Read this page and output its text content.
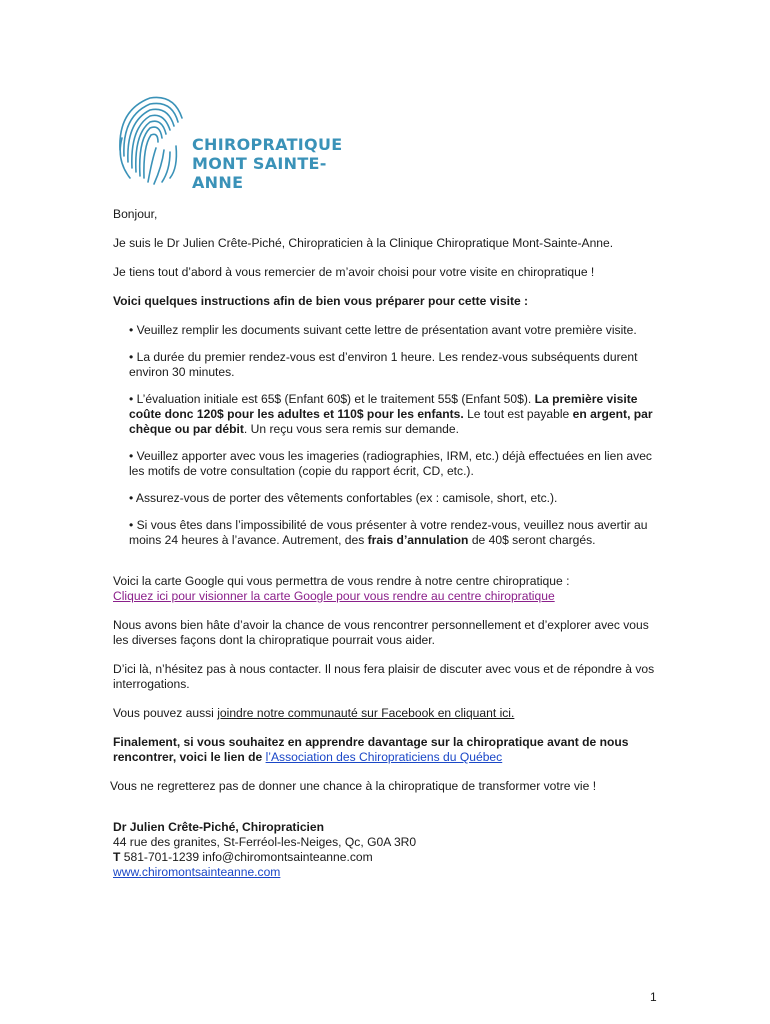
CHIROPRATIQUE
MONT SAINTE-ANNE

Bonjour,

Je suis le Dr Julien Crête-Piché, Chiropraticien à la Clinique Chiropratique Mont-Sainte-Anne.

Je tiens tout d’abord à vous remercier de m’avoir choisi pour votre visite en chiropratique !

Voici quelques instructions afin de bien vous préparer pour cette visite :

• Veuillez remplir les documents suivant cette lettre de présentation avant votre première visite.

• La durée du premier rendez-vous est d’environ 1 heure. Les rendez-vous subséquents durent environ 30 minutes.

• L’évaluation initiale est 65$ (Enfant 60$) et le traitement 55$ (Enfant 50$). La première visite coûte donc 120$ pour les adultes et 110$ pour les enfants. Le tout est payable en argent, par chèque ou par débit. Un reçu vous sera remis sur demande.

• Veuillez apporter avec vous les imageries (radiographies, IRM, etc.) déjà effectuées en lien avec les motifs de votre consultation (copie du rapport écrit, CD, etc.).

• Assurez-vous de porter des vêtements confortables (ex : camisole, short, etc.).

• Si vous êtes dans l’impossibilité de vous présenter à votre rendez-vous, veuillez nous avertir au moins 24 heures à l’avance. Autrement, des frais d’annulation de 40$ seront chargés.

Voici la carte Google qui vous permettra de vous rendre à notre centre chiropratique :

Cliquez ici pour visionner la carte Google pour vous rendre au centre chiropratique

Nous avons bien hâte d’avoir la chance de vous rencontrer personnellement et d’explorer avec vous les diverses façons dont la chiropratique pourrait vous aider.

D’ici là, n’hésitez pas à nous contacter. Il nous fera plaisir de discuter avec vous et de répondre à vos interrogations.

Vous pouvez aussi joindre notre communauté sur Facebook en cliquant ici.

Finalement, si vous souhaitez en apprendre davantage sur la chiropratique avant de nous rencontrer, voici le lien de l’Association des Chiropraticiens du Québec

Vous ne regretterez pas de donner une chance à la chiropratique de transformer votre vie !

Dr Julien Crête-Piché, Chiropraticien

44 rue des granites, St-Ferréol-les-Neiges, Qc, G0A 3R0

T 581-701-1239 info@chiromontsainteanne.com

www.chiromontsainteanne.com

1
